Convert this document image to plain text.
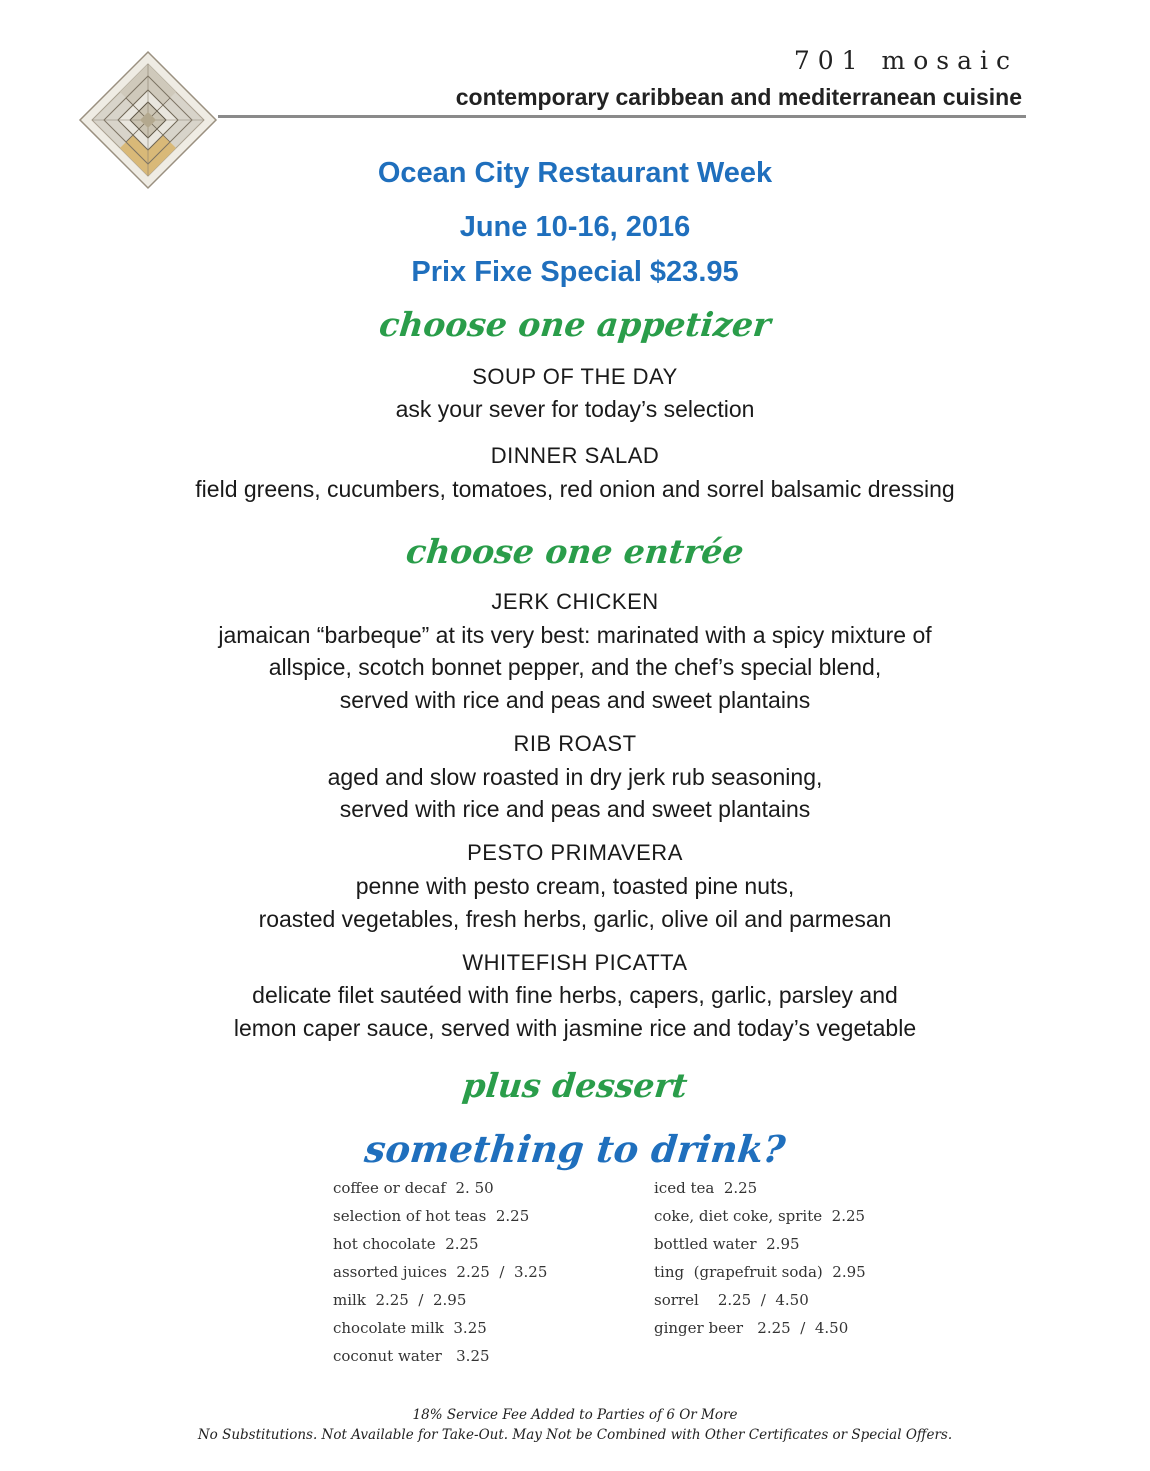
701 mosaic
contemporary caribbean and mediterranean cuisine

Ocean City Restaurant Week

June 10-16, 2016

Prix Fixe Special $23.95

choose one appetizer

SOUP OF THE DAY

ask your sever for today’s selection

DINNER SALAD

field greens, cucumbers, tomatoes, red onion and sorrel balsamic dressing

choose one entrée

JERK CHICKEN

jamaican “barbeque” at its very best: marinated with a spicy mixture of

allspice, scotch bonnet pepper, and the chef’s special blend,

served with rice and peas and sweet plantains

RIB ROAST

aged and slow roasted in dry jerk rub seasoning,

served with rice and peas and sweet plantains

PESTO PRIMAVERA

penne with pesto cream, toasted pine nuts,

roasted vegetables, fresh herbs, garlic, olive oil and parmesan

WHITEFISH PICATTA

delicate filet sautéed with fine herbs, capers, garlic, parsley and

lemon caper sauce, served with jasmine rice and today’s vegetable

plus dessert

something to drink?

coffee or decaf  2. 50
selection of hot teas  2.25
hot chocolate  2.25
assorted juices  2.25  /  3.25
milk  2.25  /  2.95
chocolate milk  3.25
coconut water   3.25
iced tea  2.25
coke, diet coke, sprite  2.25
bottled water  2.95
ting  (grapefruit soda)  2.95
sorrel    2.25  /  4.50
ginger beer   2.25  /  4.50

18% Service Fee Added to Parties of 6 Or More

No Substitutions. Not Available for Take-Out. May Not be Combined with Other Certificates or Special Offers.
